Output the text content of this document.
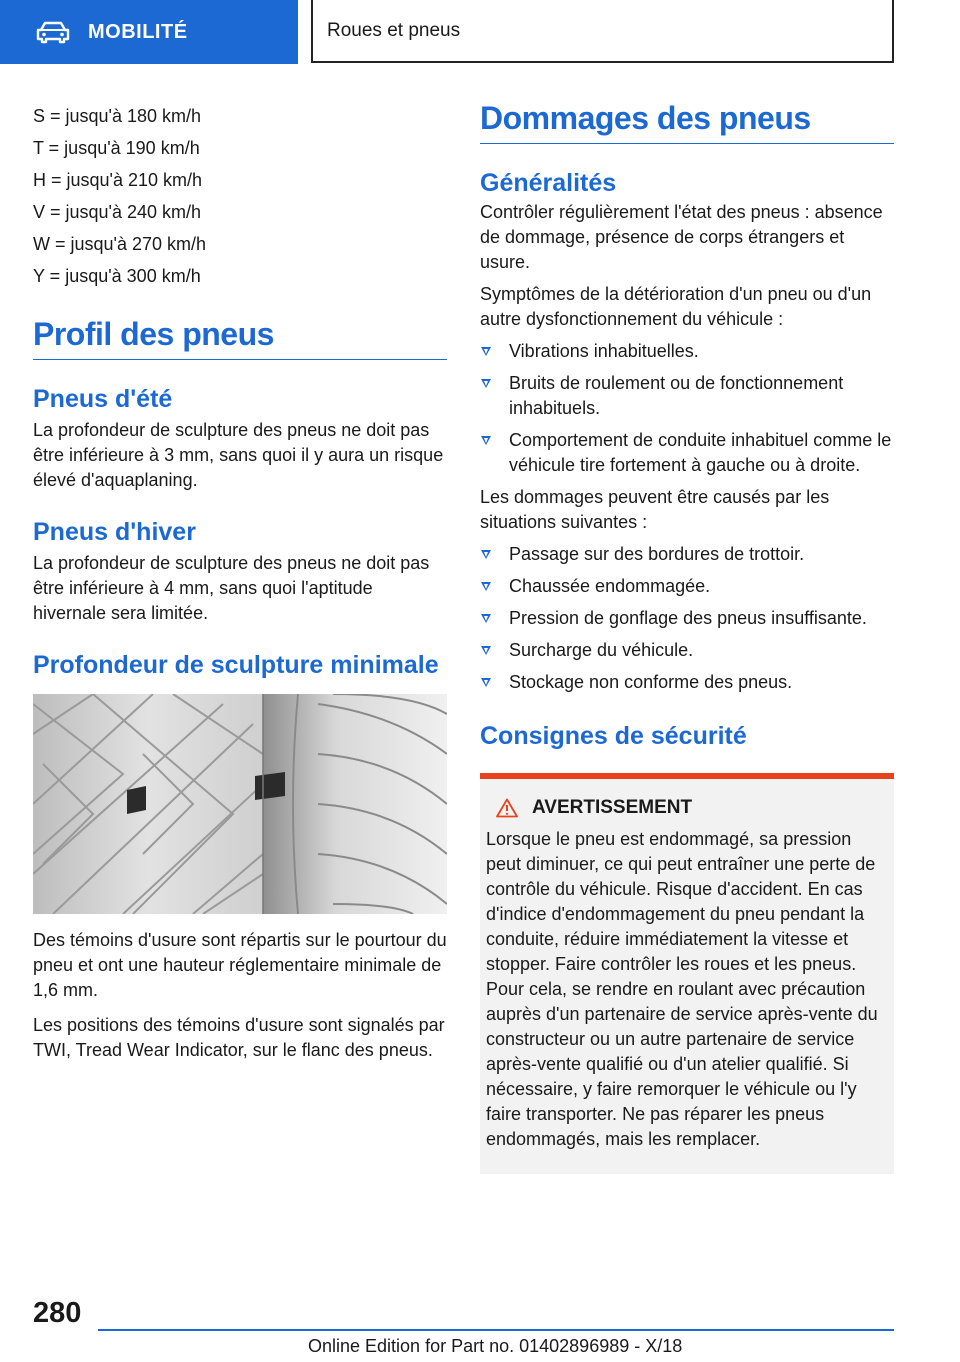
MOBILITÉ	Roues et pneus

S = jusqu'à 180 km/h

T = jusqu'à 190 km/h

H = jusqu'à 210 km/h

V = jusqu'à 240 km/h

W = jusqu'à 270 km/h

Y = jusqu'à 300 km/h

Profil des pneus
Pneus d'été

La profondeur de sculpture des pneus ne doit pas être inférieure à 3 mm, sans quoi il y aura un risque élevé d'aquaplaning.

Pneus d'hiver

La profondeur de sculpture des pneus ne doit pas être inférieure à 4 mm, sans quoi l'aptitude hivernale sera limitée.

Profondeur de sculpture minimale

Des témoins d'usure sont répartis sur le pourtour du pneu et ont une hauteur réglementaire minimale de 1,6 mm.

Les positions des témoins d'usure sont signalés par TWI, Tread Wear Indicator, sur le flanc des pneus.

Dommages des pneus
Généralités

Contrôler régulièrement l'état des pneus : absence de dommage, présence de corps étrangers et usure.

Symptômes de la détérioration d'un pneu ou d'un autre dysfonctionnement du véhicule :

Vibrations inhabituelles.
Bruits de roulement ou de fonctionnement inhabituels.
Comportement de conduite inhabituel comme le véhicule tire fortement à gauche ou à droite.

Les dommages peuvent être causés par les situations suivantes :

Passage sur des bordures de trottoir.
Chaussée endommagée.
Pression de gonflage des pneus insuffisante.
Surcharge du véhicule.
Stockage non conforme des pneus.
Consignes de sécurité
AVERTISSEMENT

Lorsque le pneu est endommagé, sa pression peut diminuer, ce qui peut entraîner une perte de contrôle du véhicule. Risque d'accident. En cas d'indice d'endommagement du pneu pendant la conduite, réduire immédiatement la vitesse et stopper. Faire contrôler les roues et les pneus. Pour cela, se rendre en roulant avec précaution auprès d'un partenaire de service après-vente du constructeur ou un autre partenaire de service après-vente qualifié ou d'un atelier qualifié. Si nécessaire, y faire remorquer le véhicule ou l'y faire transporter. Ne pas réparer les pneus endommagés, mais les remplacer.

280
Online Edition for Part no. 01402896989 - X/18
